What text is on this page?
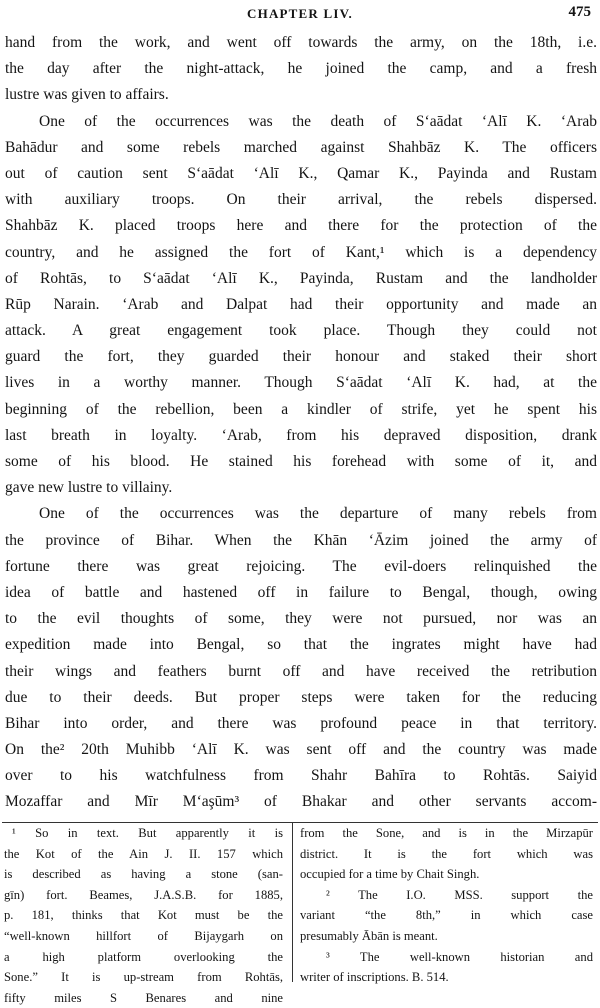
CHAPTER LIV.	475
hand from the work, and went off towards the army, on the 18th, i.e.
the day after the night-attack, he joined the camp, and a fresh
lustre was given to affairs.
One of the occurrences was the death of S‘aādat ‘Alī K. ‘Arab
Bahādur and some rebels marched against Shahbāz K. The officers
out of caution sent S‘aādat ‘Alī K., Qamar K., Payinda and Rustam
with auxiliary troops. On their arrival, the rebels dispersed.
Shahbāz K. placed troops here and there for the protection of the
country, and he assigned the fort of Kant,¹ which is a dependency
of Rohtās, to S‘aādat ‘Alī K., Payinda, Rustam and the landholder
Rūp Narain. ‘Arab and Dalpat had their opportunity and made an
attack. A great engagement took place. Though they could not
guard the fort, they guarded their honour and staked their short
lives in a worthy manner. Though S‘aādat ‘Alī K. had, at the
beginning of the rebellion, been a kindler of strife, yet he spent his
last breath in loyalty. ‘Arab, from his depraved disposition, drank
some of his blood. He stained his forehead with some of it, and
gave new lustre to villainy.
One of the occurrences was the departure of many rebels from
the province of Bihar. When the Khān ‘Āzim joined the army of
fortune there was great rejoicing. The evil-doers relinquished the
idea of battle and hastened off in failure to Bengal, though, owing
to the evil thoughts of some, they were not pursued, nor was an
expedition made into Bengal, so that the ingrates might have had
their wings and feathers burnt off and have received the retribution
due to their deeds. But proper steps were taken for the reducing
Bihar into order, and there was profound peace in that territory.
On the² 20th Muhibb ‘Alī K. was sent off and the country was made
over to his watchfulness from Shahr Bahīra to Rohtās. Saiyid
Mozaffar and Mīr M‘aşūm³ of Bhakar and other servants accom-
¹ So in text. But apparently it is
the Kot of the Ain J. II. 157 which
is described as having a stone (san-
gīn) fort. Beames, J.A.S.B. for 1885,
p. 181, thinks that Kot must be the
“well-known hillfort of Bijaygarh on
a high platform overlooking the
Sone.” It is up-stream from Rohtās,
fifty miles S Benares and nine
from the Sone, and is in the Mirzapūr
district. It is the fort which was
occupied for a time by Chait Singh.
² The I.O. MSS. support the
variant “the 8th,” in which case
presumably Ābān is meant.
³ The well-known historian and
writer of inscriptions. B. 514.
